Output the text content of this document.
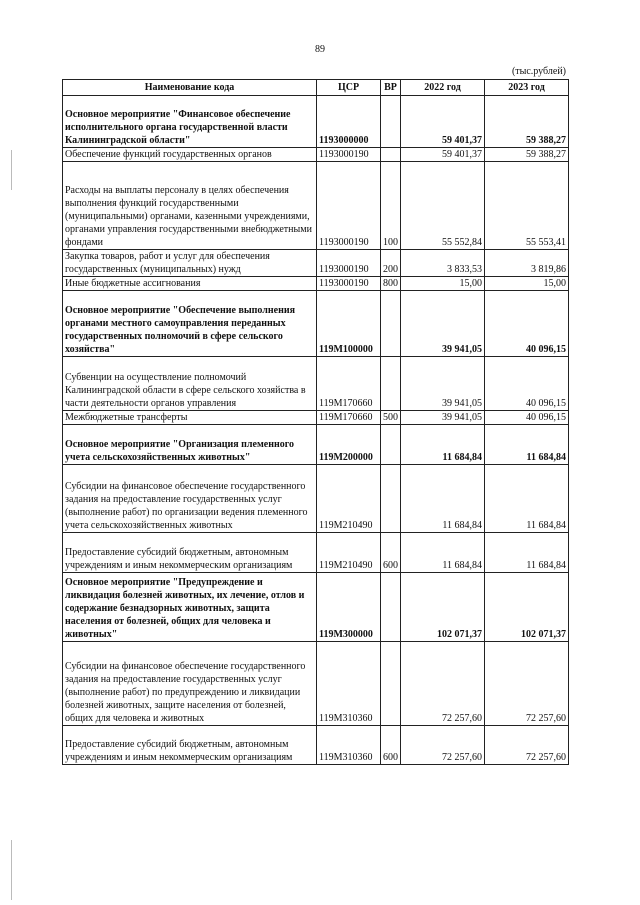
89
(тыс.рублей)
Наименование кода	ЦСР	ВР	2022 год	2023 год
Основное мероприятие "Финансовое обеспечение исполнительного органа государственной власти Калининградской области"	1193000000		59 401,37	59 388,27
Обеспечение функций государственных органов	1193000190		59 401,37	59 388,27
Расходы на выплаты персоналу в целях обеспечения выполнения функций государственными (муниципальными) органами, казенными учреждениями, органами управления государственными внебюджетными фондами	1193000190	100	55 552,84	55 553,41
Закупка товаров, работ и услуг для обеспечения государственных (муниципальных) нужд	1193000190	200	3 833,53	3 819,86
Иные бюджетные ассигнования	1193000190	800	15,00	15,00
Основное мероприятие "Обеспечение выполнения органами местного самоуправления переданных государственных полномочий в сфере сельского хозяйства"	119М100000		39 941,05	40 096,15
Субвенции на осуществление полномочий Калининградской области в сфере сельского хозяйства в части деятельности органов управления	119М170660		39 941,05	40 096,15
Межбюджетные трансферты	119М170660	500	39 941,05	40 096,15
Основное мероприятие "Организация племенного учета сельскохозяйственных животных"	119М200000		11 684,84	11 684,84
Субсидии на финансовое обеспечение государственного задания на предоставление государственных услуг (выполнение работ) по организации ведения племенного учета сельскохозяйственных животных	119М210490		11 684,84	11 684,84
Предоставление субсидий бюджетным, автономным учреждениям и иным некоммерческим организациям	119М210490	600	11 684,84	11 684,84
Основное мероприятие "Предупреждение и ликвидация болезней животных, их лечение, отлов и содержание безнадзорных животных, защита населения от болезней, общих для человека и животных"	119М300000		102 071,37	102 071,37
Субсидии на финансовое обеспечение государственного задания на предоставление государственных услуг (выполнение работ) по предупреждению и ликвидации болезней животных, защите населения от болезней, общих для человека и животных	119М310360		72 257,60	72 257,60
Предоставление субсидий бюджетным, автономным учреждениям и иным некоммерческим организациям	119М310360	600	72 257,60	72 257,60
